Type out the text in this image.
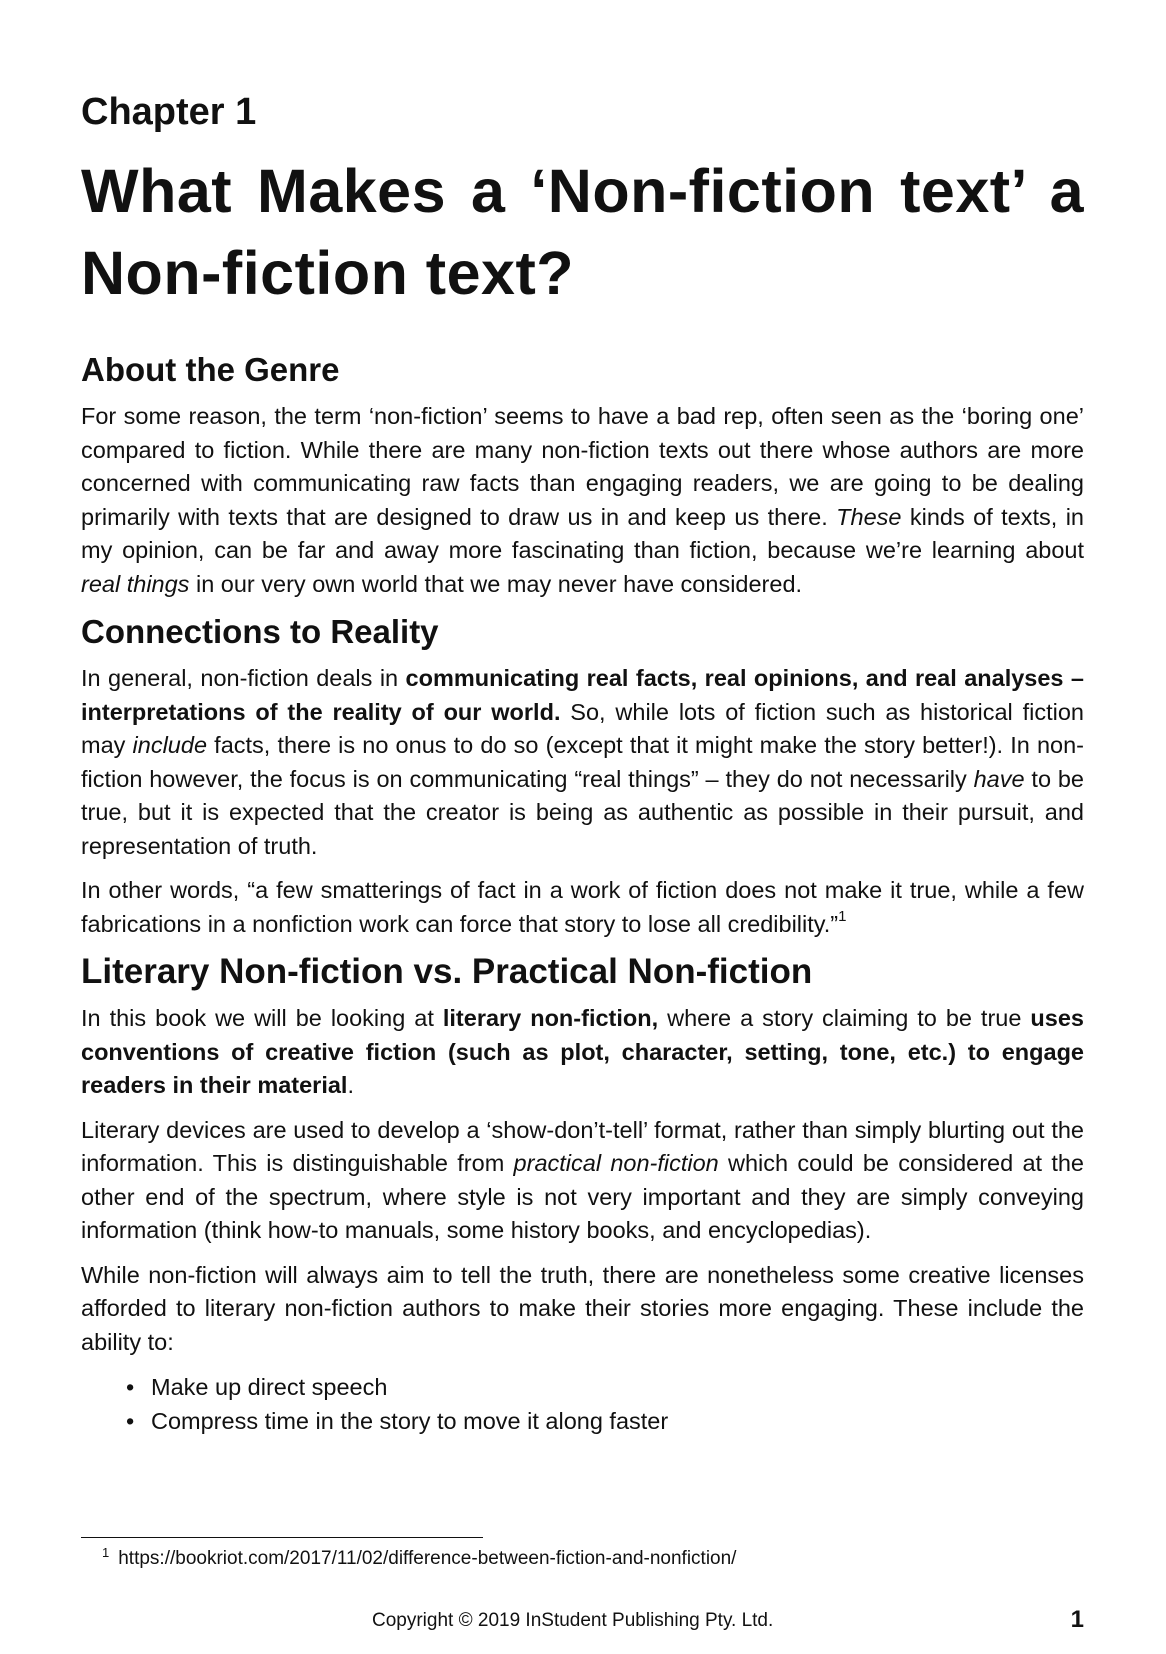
Chapter 1
What Makes a ‘Non-fiction text’ a Non-fiction text?
About the Genre

For some reason, the term ‘non-fiction’ seems to have a bad rep, often seen as the ‘boring one’ compared to fiction. While there are many non-fiction texts out there whose authors are more concerned with communicating raw facts than engaging readers, we are going to be dealing primarily with texts that are designed to draw us in and keep us there. These kinds of texts, in my opinion, can be far and away more fascinating than fiction, because we’re learning about real things in our very own world that we may never have considered.

Connections to Reality

In general, non-fiction deals in communicating real facts, real opinions, and real analyses – interpretations of the reality of our world. So, while lots of fiction such as historical fiction may include facts, there is no onus to do so (except that it might make the story better!). In non-fiction however, the focus is on communicating “real things” – they do not necessarily have to be true, but it is expected that the creator is being as authentic as possible in their pursuit, and representation of truth.

In other words, “a few smatterings of fact in a work of fiction does not make it true, while a few fabrications in a nonfiction work can force that story to lose all credibility.”$^1$

Literary Non-fiction vs. Practical Non-fiction

In this book we will be looking at literary non-fiction, where a story claiming to be true uses conventions of creative fiction (such as plot, character, setting, tone, etc.) to engage readers in their material.

Literary devices are used to develop a ‘show-don’t-tell’ format, rather than simply blurting out the information. This is distinguishable from practical non-fiction which could be considered at the other end of the spectrum, where style is not very important and they are simply conveying information (think how-to manuals, some history books, and encyclopedias).

While non-fiction will always aim to tell the truth, there are nonetheless some creative licenses afforded to literary non-fiction authors to make their stories more engaging. These include the ability to:

• Make up direct speech
• Compress time in the story to move it along faster
$^1$ https://bookriot.com/2017/11/02/difference-between-fiction-and-nonfiction/
Copyright © 2019 InStudent Publishing Pty. Ltd.	1
